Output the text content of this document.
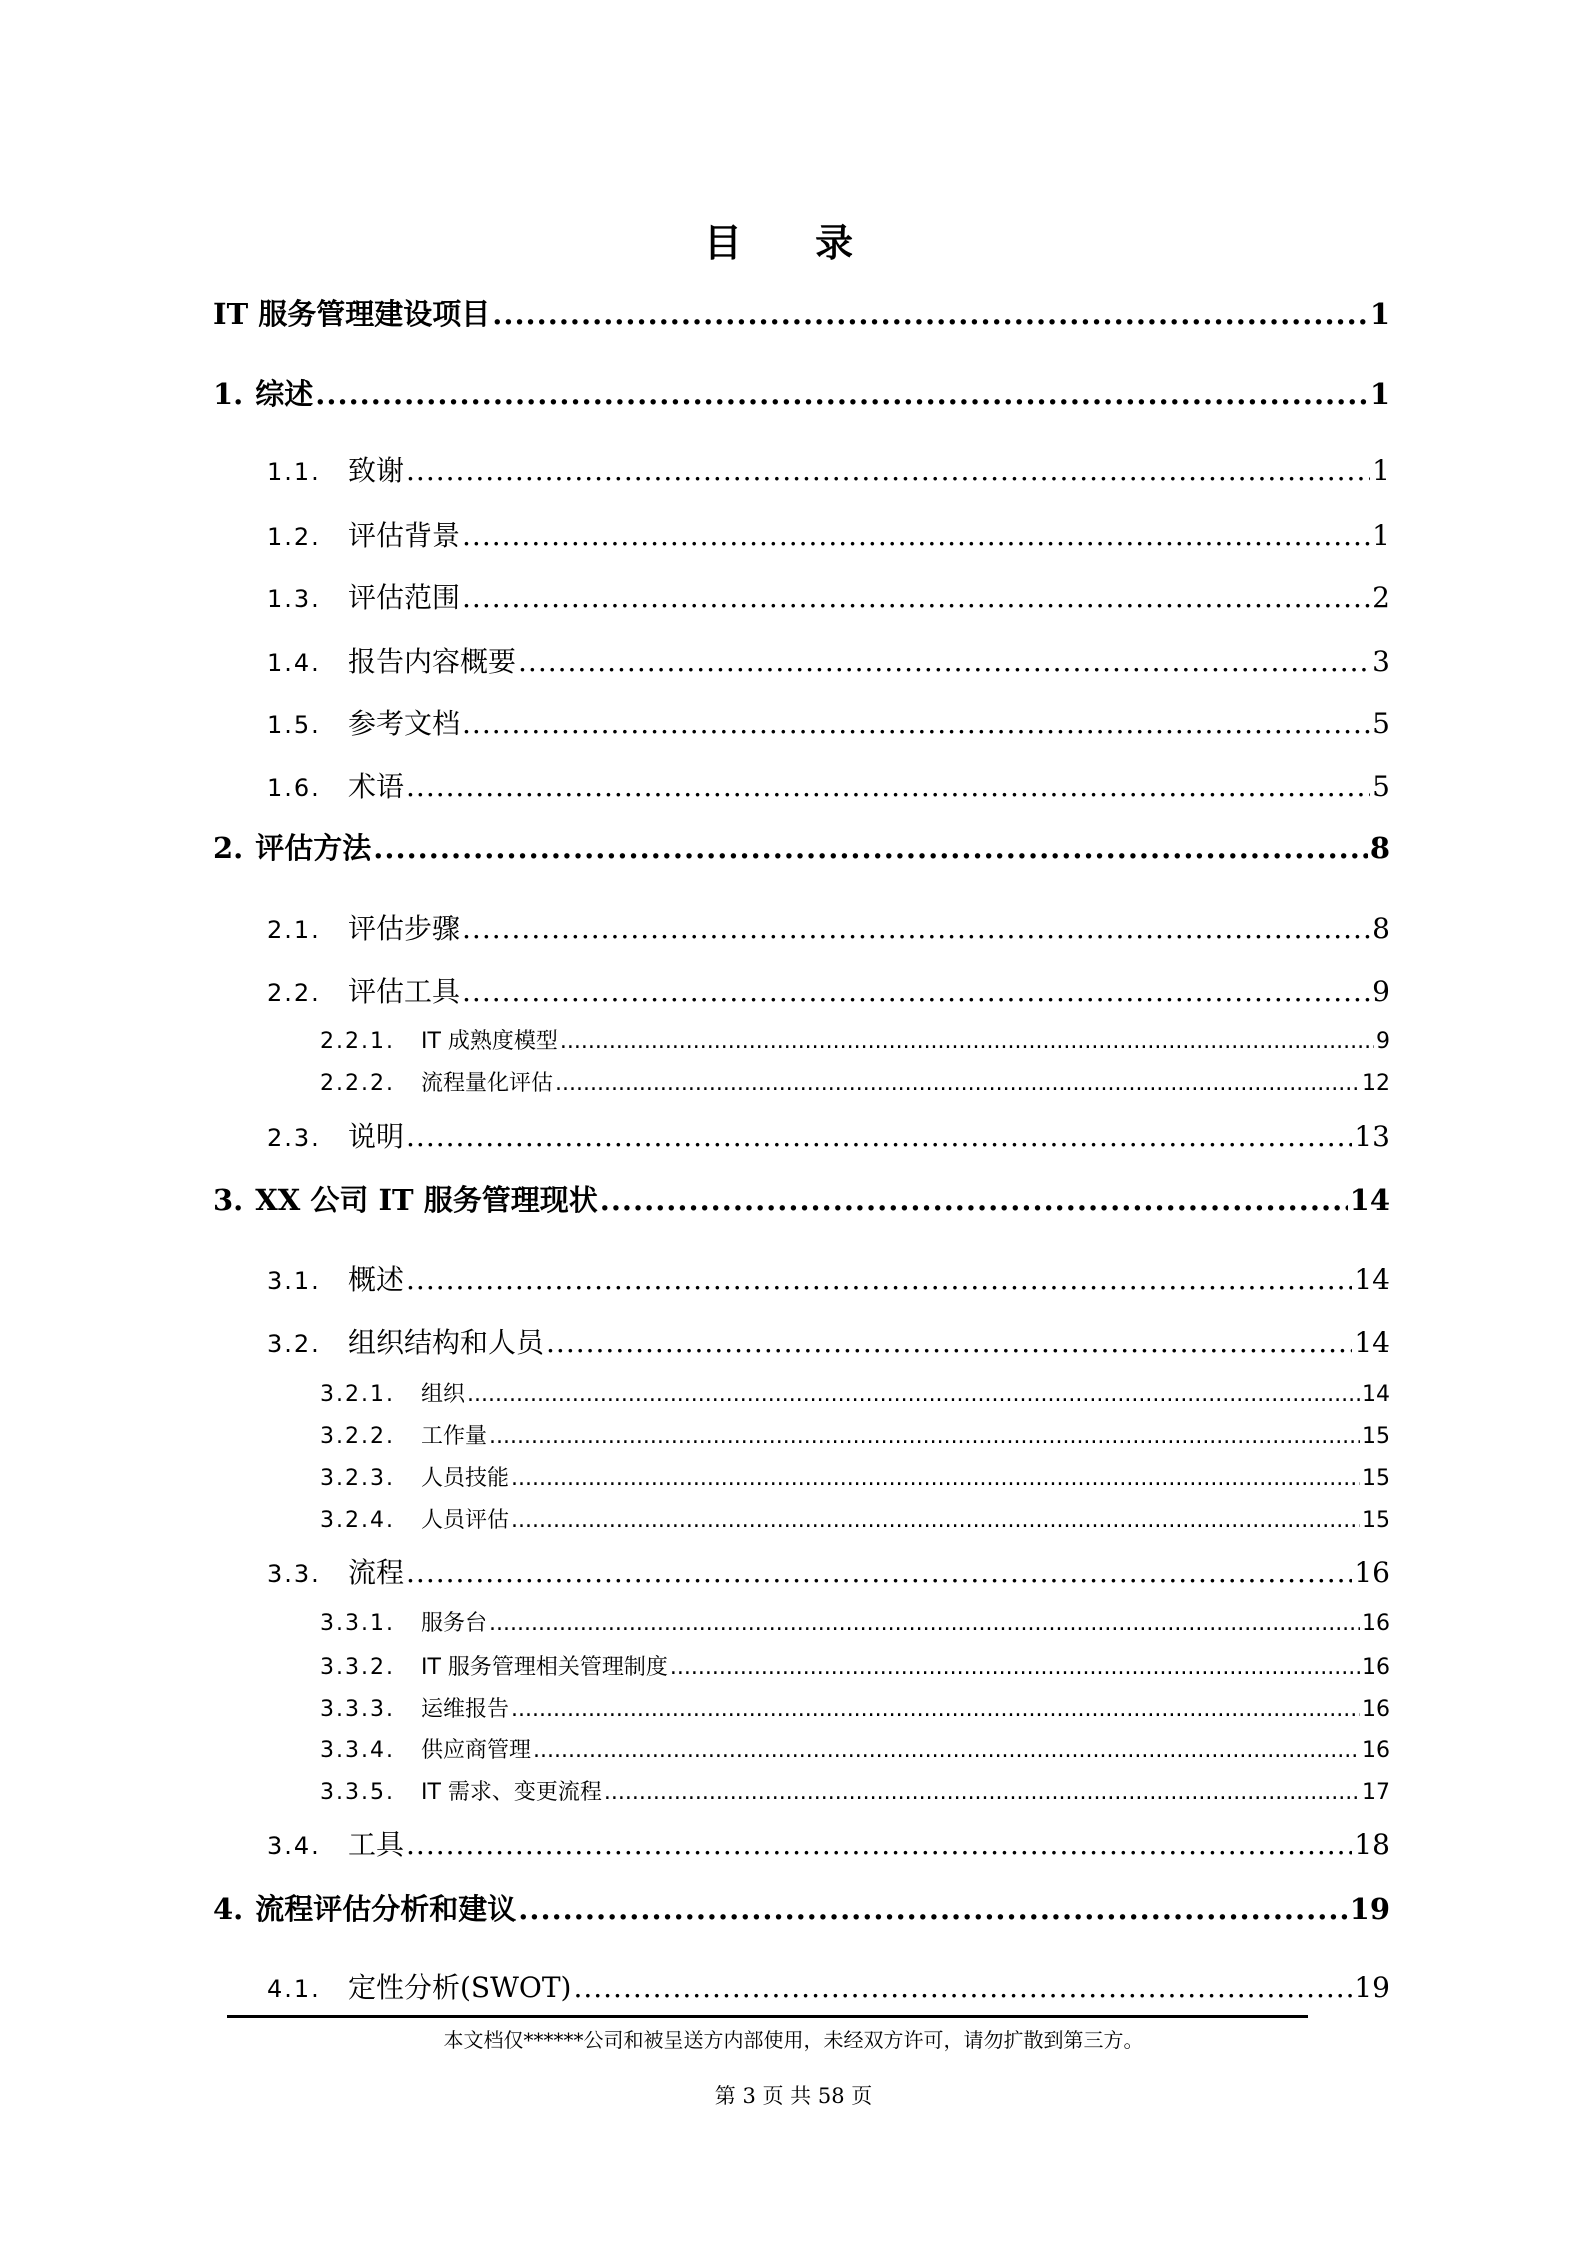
目 录
IT 服务管理建设项目 .....	1
1. 综述 .....	1
1.1. 致谢 .....	1
1.2. 评估背景 .....	1
1.3. 评估范围 .....	2
1.4. 报告内容概要 .....	3
1.5. 参考文档 .....	5
1.6. 术语 .....	5
2. 评估方法 .....	8
2.1. 评估步骤 .....	8
2.2. 评估工具 .....	9
2.2.1.	IT 成熟度模型 .....	9
2.2.2.	流程量化评估 .....	12
2.3. 说明 .....	13
3. XX 公司 IT 服务管理现状 .....	14
3.1. 概述 .....	14
3.2. 组织结构和人员 .....	14
3.2.1.	组织 .....	14
3.2.2.	工作量 .....	15
3.2.3.	人员技能 .....	15
3.2.4.	人员评估 .....	15
3.3. 流程 .....	16
3.3.1.	服务台 .....	16
3.3.2.	IT 服务管理相关管理制度 .....	16
3.3.3.	运维报告 .....	16
3.3.4.	供应商管理 .....	16
3.3.5.	IT 需求、变更流程 .....	17
3.4. 工具 .....	18
4. 流程评估分析和建议 .....	19
4.1. 定性分析(SWOT) .....	19
本文档仅******公司和被呈送方内部使用，未经双方许可，请勿扩散到第三方。
第 3 页 共 58 页
